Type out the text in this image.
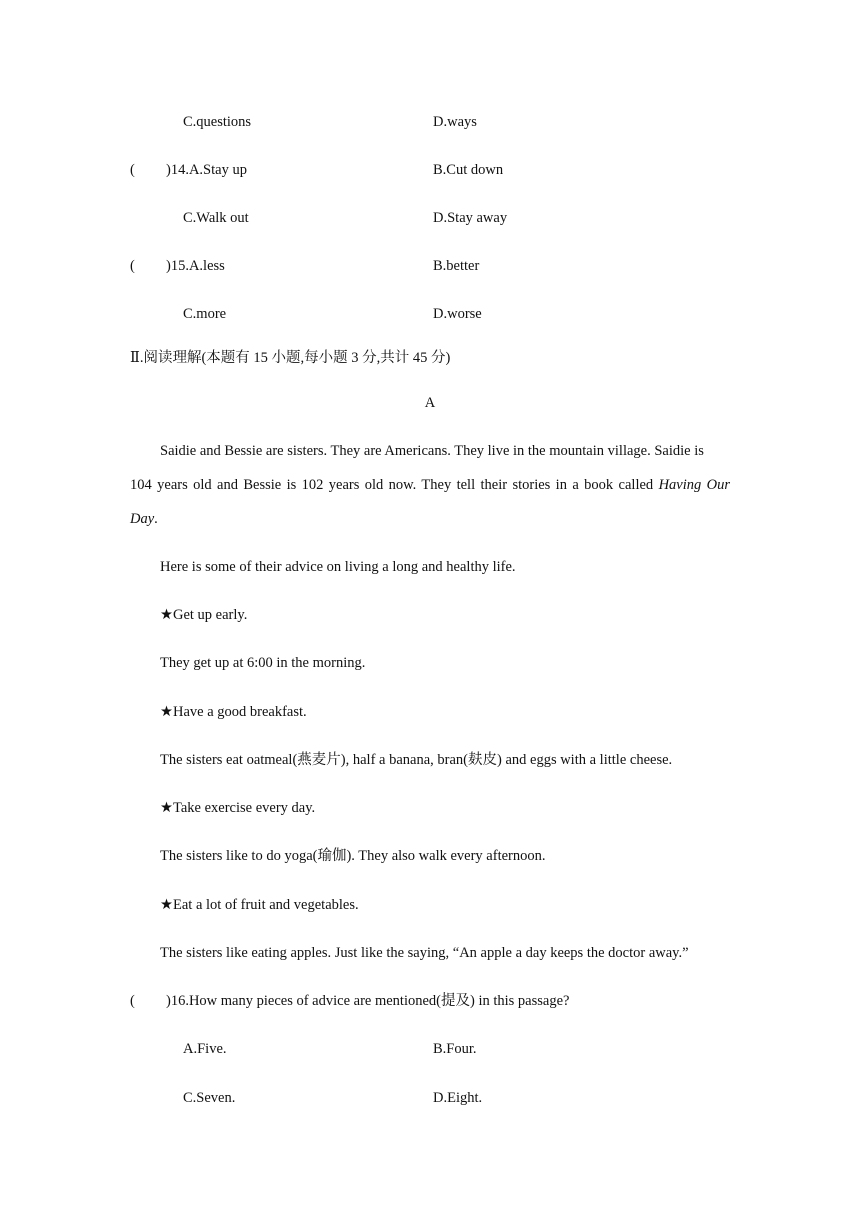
C.questions	D.ways
( )14.A.Stay up	B.Cut down
C.Walk out	D.Stay away
( )15.A.less	B.better
C.more	D.worse
Ⅱ.阅读理解(本题有 15 小题,每小题 3 分,共计 45 分)
A
Saidie and Bessie are sisters. They are Americans. They live in the mountain village. Saidie is
104 years old and Bessie is 102 years old now. They tell their stories in a book called Having Our
Day.
Here is some of their advice on living a long and healthy life.
★Get up early.
They get up at 6:00 in the morning.
★Have a good breakfast.
The sisters eat oatmeal(燕麦片), half a banana, bran(麸皮) and eggs with a little cheese.
★Take exercise every day.
The sisters like to do yoga(瑜伽). They also walk every afternoon.
★Eat a lot of fruit and vegetables.
The sisters like eating apples. Just like the saying, “An apple a day keeps the doctor away.”
( )16.How many pieces of advice are mentioned(提及) in this passage?
A.Five.	B.Four.
C.Seven.	D.Eight.
